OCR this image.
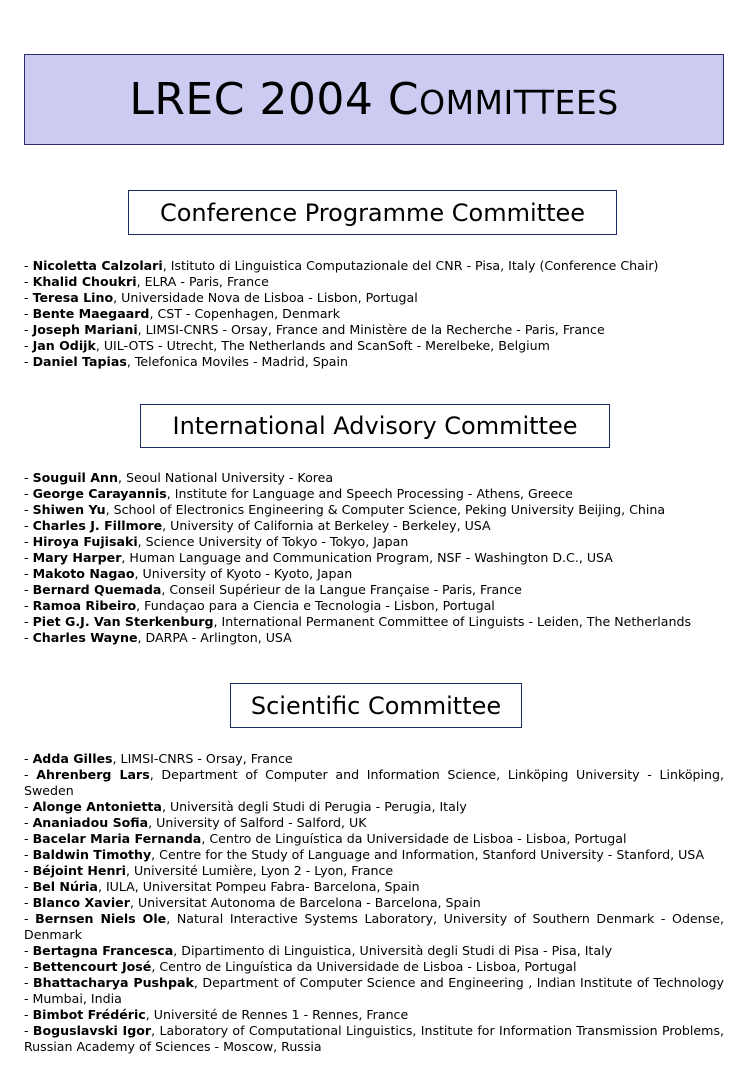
LREC 2004 COMMITTEES
Conference Programme Committee
- Nicoletta Calzolari, Istituto di Linguistica Computazionale del CNR - Pisa, Italy (Conference Chair)
- Khalid Choukri, ELRA - Paris, France
- Teresa Lino, Universidade Nova de Lisboa - Lisbon, Portugal
- Bente Maegaard, CST - Copenhagen, Denmark
- Joseph Mariani, LIMSI-CNRS - Orsay, France and Ministère de la Recherche - Paris, France
- Jan Odijk, UIL-OTS - Utrecht, The Netherlands and ScanSoft - Merelbeke, Belgium
- Daniel Tapias, Telefonica Moviles - Madrid, Spain
International Advisory Committee
- Souguil Ann, Seoul National University - Korea
- George Carayannis, Institute for Language and Speech Processing - Athens, Greece
- Shiwen Yu, School of Electronics Engineering & Computer Science, Peking University Beijing, China
- Charles J. Fillmore, University of California at Berkeley - Berkeley, USA
- Hiroya Fujisaki, Science University of Tokyo - Tokyo, Japan
- Mary Harper, Human Language and Communication Program, NSF - Washington D.C., USA
- Makoto Nagao, University of Kyoto - Kyoto, Japan
- Bernard Quemada, Conseil Supérieur de la Langue Française - Paris, France
- Ramoa Ribeiro, Fundaçao para a Ciencia e Tecnologia - Lisbon, Portugal
- Piet G.J. Van Sterkenburg, International Permanent Committee of Linguists - Leiden, The Netherlands
- Charles Wayne, DARPA - Arlington, USA
Scientific Committee
- Adda Gilles, LIMSI-CNRS - Orsay, France
- Ahrenberg Lars, Department of Computer and Information Science, Linköping University - Linköping, Sweden
- Alonge Antonietta, Università degli Studi di Perugia - Perugia, Italy
- Ananiadou Sofia, University of Salford - Salford, UK
- Bacelar Maria Fernanda, Centro de Linguística da Universidade de Lisboa - Lisboa, Portugal
- Baldwin Timothy, Centre for the Study of Language and Information, Stanford University - Stanford, USA
- Béjoint Henri, Université Lumière, Lyon 2 - Lyon, France
- Bel Núria, IULA, Universitat Pompeu Fabra- Barcelona, Spain
- Blanco Xavier, Universitat Autonoma de Barcelona - Barcelona, Spain
- Bernsen Niels Ole, Natural Interactive Systems Laboratory, University of Southern Denmark - Odense, Denmark
- Bertagna Francesca, Dipartimento di Linguistica, Università degli Studi di Pisa - Pisa, Italy
- Bettencourt José, Centro de Linguística da Universidade de Lisboa - Lisboa, Portugal
- Bhattacharya Pushpak, Department of Computer Science and Engineering , Indian Institute of Technology - Mumbai, India
- Bimbot Frédéric, Université de Rennes 1 - Rennes, France
- Boguslavski Igor, Laboratory of Computational Linguistics, Institute for Information Transmission Problems, Russian Academy of Sciences - Moscow, Russia
